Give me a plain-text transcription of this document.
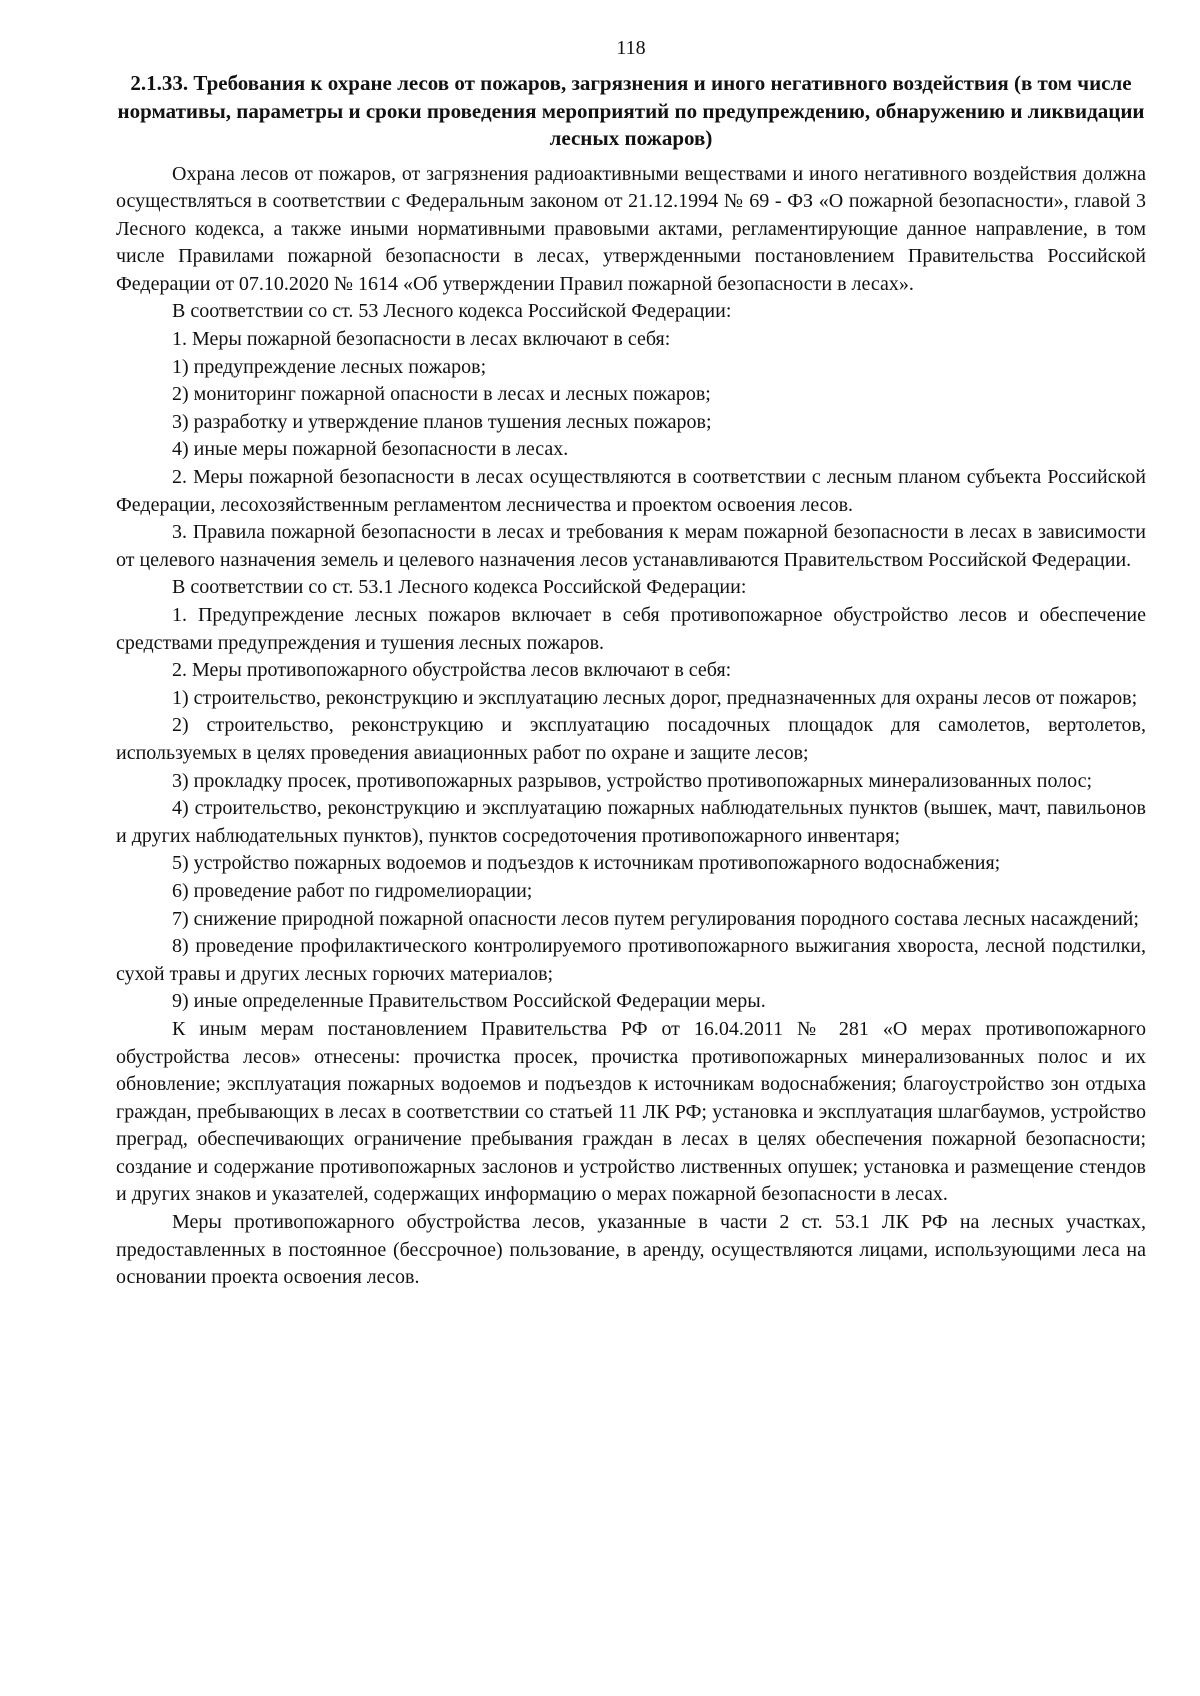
118
2.1.33. Требования к охране лесов от пожаров, загрязнения и иного негативного воздействия (в том числе нормативы, параметры и сроки проведения мероприятий по предупреждению, обнаружению и ликвидации лесных пожаров)

Охрана лесов от пожаров, от загрязнения радиоактивными веществами и иного негативного воздействия должна осуществляться в соответствии с Федеральным законом от 21.12.1994 № 69 - ФЗ «О пожарной безопасности», главой 3 Лесного кодекса, а также иными нормативными правовыми актами, регламентирующие данное направление, в том числе Правилами пожарной безопасности в лесах, утвержденными постановлением Правительства Российской Федерации от 07.10.2020 № 1614 «Об утверждении Правил пожарной безопасности в лесах».

В соответствии со ст. 53 Лесного кодекса Российской Федерации:

1. Меры пожарной безопасности в лесах включают в себя:

1) предупреждение лесных пожаров;

2) мониторинг пожарной опасности в лесах и лесных пожаров;

3) разработку и утверждение планов тушения лесных пожаров;

4) иные меры пожарной безопасности в лесах.

2. Меры пожарной безопасности в лесах осуществляются в соответствии с лесным планом субъекта Российской Федерации, лесохозяйственным регламентом лесничества и проектом освоения лесов.

3. Правила пожарной безопасности в лесах и требования к мерам пожарной безопасности в лесах в зависимости от целевого назначения земель и целевого назначения лесов устанавливаются Правительством Российской Федерации.

В соответствии со ст. 53.1 Лесного кодекса Российской Федерации:

1. Предупреждение лесных пожаров включает в себя противопожарное обустройство лесов и обеспечение средствами предупреждения и тушения лесных пожаров.

2. Меры противопожарного обустройства лесов включают в себя:

1) строительство, реконструкцию и эксплуатацию лесных дорог, предназначенных для охраны лесов от пожаров;

2) строительство, реконструкцию и эксплуатацию посадочных площадок для самолетов, вертолетов, используемых в целях проведения авиационных работ по охране и защите лесов;

3) прокладку просек, противопожарных разрывов, устройство противопожарных минерализованных полос;

4) строительство, реконструкцию и эксплуатацию пожарных наблюдательных пунктов (вышек, мачт, павильонов и других наблюдательных пунктов), пунктов сосредоточения противопожарного инвентаря;

5) устройство пожарных водоемов и подъездов к источникам противопожарного водоснабжения;

6) проведение работ по гидромелиорации;

7) снижение природной пожарной опасности лесов путем регулирования породного состава лесных насаждений;

8) проведение профилактического контролируемого противопожарного выжигания хвороста, лесной подстилки, сухой травы и других лесных горючих материалов;

9) иные определенные Правительством Российской Федерации меры.

К иным мерам постановлением Правительства РФ от 16.04.2011 № 281 «О мерах противопожарного обустройства лесов» отнесены: прочистка просек, прочистка противопожарных минерализованных полос и их обновление; эксплуатация пожарных водоемов и подъездов к источникам водоснабжения; благоустройство зон отдыха граждан, пребывающих в лесах в соответствии со статьей 11 ЛК РФ; установка и эксплуатация шлагбаумов, устройство преград, обеспечивающих ограничение пребывания граждан в лесах в целях обеспечения пожарной безопасности; создание и содержание противопожарных заслонов и устройство лиственных опушек; установка и размещение стендов и других знаков и указателей, содержащих информацию о мерах пожарной безопасности в лесах.

Меры противопожарного обустройства лесов, указанные в части 2 ст. 53.1 ЛК РФ на лесных участках, предоставленных в постоянное (бессрочное) пользование, в аренду, осуществляются лицами, использующими леса на основании проекта освоения лесов.
